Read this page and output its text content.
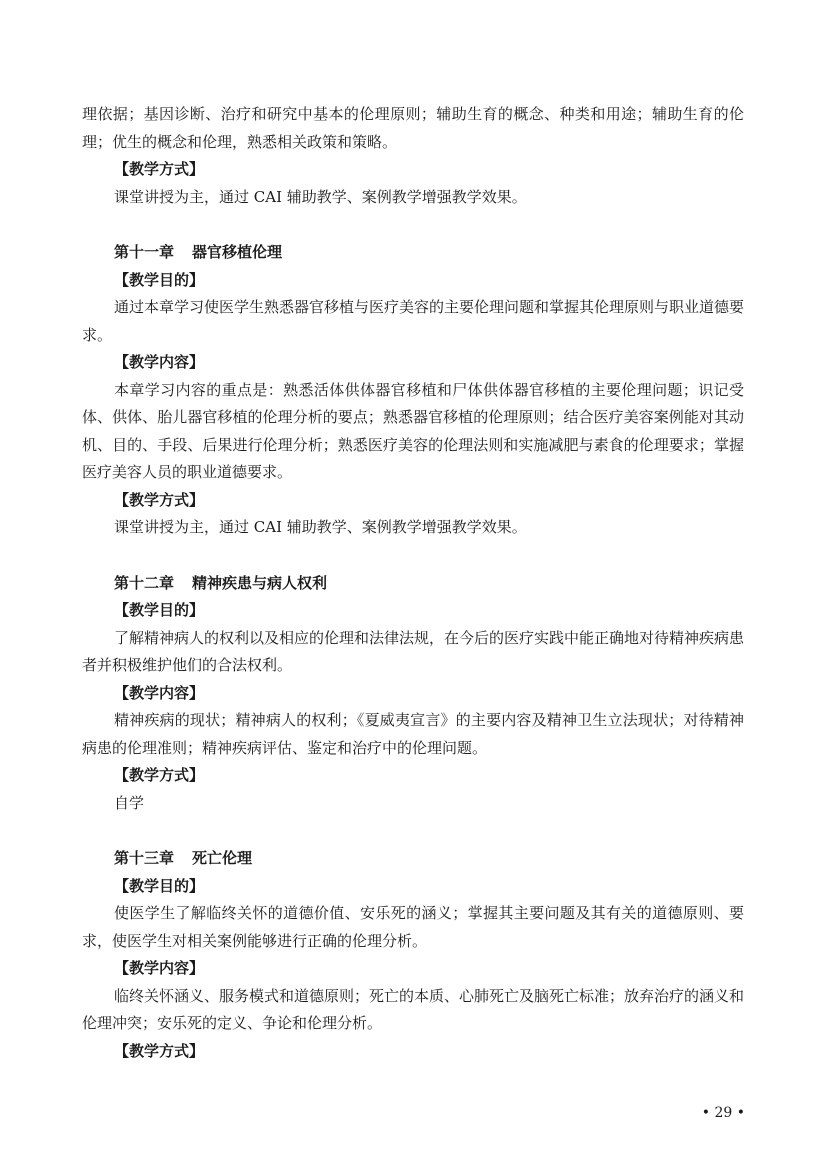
理依据；基因诊断、治疗和研究中基本的伦理原则；辅助生育的概念、种类和用途；辅助生育的伦理；优生的概念和伦理，熟悉相关政策和策略。

【教学方式】

课堂讲授为主，通过 CAI 辅助教学、案例教学增强教学效果。

第十一章 器官移植伦理

【教学目的】

通过本章学习使医学生熟悉器官移植与医疗美容的主要伦理问题和掌握其伦理原则与职业道德要求。

【教学内容】

本章学习内容的重点是：熟悉活体供体器官移植和尸体供体器官移植的主要伦理问题；识记受体、供体、胎儿器官移植的伦理分析的要点；熟悉器官移植的伦理原则；结合医疗美容案例能对其动机、目的、手段、后果进行伦理分析；熟悉医疗美容的伦理法则和实施减肥与素食的伦理要求；掌握医疗美容人员的职业道德要求。

【教学方式】

课堂讲授为主，通过 CAI 辅助教学、案例教学增强教学效果。

第十二章 精神疾患与病人权利

【教学目的】

了解精神病人的权利以及相应的伦理和法律法规，在今后的医疗实践中能正确地对待精神疾病患者并积极维护他们的合法权利。

【教学内容】

精神疾病的现状；精神病人的权利；《夏威夷宣言》的主要内容及精神卫生立法现状；对待精神病患的伦理准则；精神疾病评估、鉴定和治疗中的伦理问题。

【教学方式】

自学

第十三章 死亡伦理

【教学目的】

使医学生了解临终关怀的道德价值、安乐死的涵义；掌握其主要问题及其有关的道德原则、要求，使医学生对相关案例能够进行正确的伦理分析。

【教学内容】

临终关怀涵义、服务模式和道德原则；死亡的本质、心肺死亡及脑死亡标准；放弃治疗的涵义和伦理冲突；安乐死的定义、争论和伦理分析。

【教学方式】

• 29 •
